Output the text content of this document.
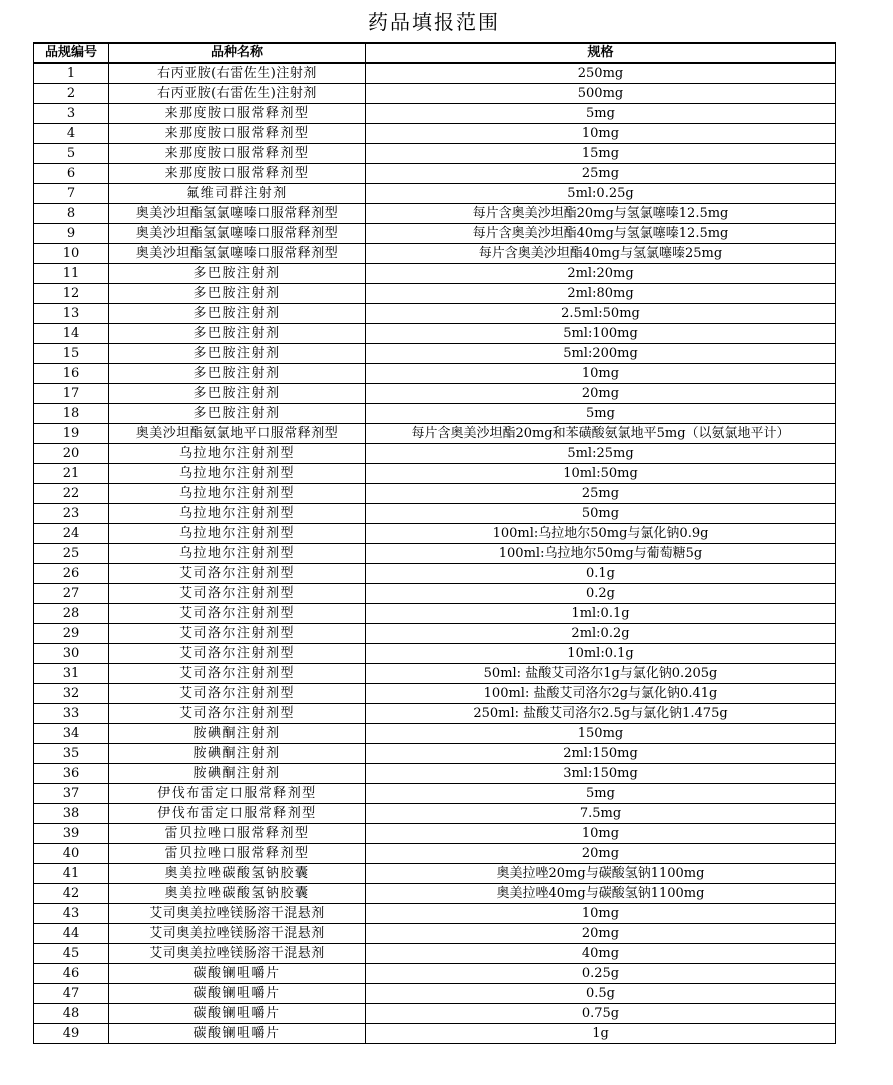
药品填报范围
品规编号	品种名称	规格
1	右丙亚胺(右雷佐生)注射剂	250mg
2	右丙亚胺(右雷佐生)注射剂	500mg
3	来那度胺口服常释剂型	5mg
4	来那度胺口服常释剂型	10mg
5	来那度胺口服常释剂型	15mg
6	来那度胺口服常释剂型	25mg
7	氟维司群注射剂	5ml:0.25g
8	奥美沙坦酯氢氯噻嗪口服常释剂型	每片含奥美沙坦酯20mg与氢氯噻嗪12.5mg
9	奥美沙坦酯氢氯噻嗪口服常释剂型	每片含奥美沙坦酯40mg与氢氯噻嗪12.5mg
10	奥美沙坦酯氢氯噻嗪口服常释剂型	每片含奥美沙坦酯40mg与氢氯噻嗪25mg
11	多巴胺注射剂	2ml:20mg
12	多巴胺注射剂	2ml:80mg
13	多巴胺注射剂	2.5ml:50mg
14	多巴胺注射剂	5ml:100mg
15	多巴胺注射剂	5ml:200mg
16	多巴胺注射剂	10mg
17	多巴胺注射剂	20mg
18	多巴胺注射剂	5mg
19	奥美沙坦酯氨氯地平口服常释剂型	每片含奥美沙坦酯20mg和苯磺酸氨氯地平5mg（以氨氯地平计）
20	乌拉地尔注射剂型	5ml:25mg
21	乌拉地尔注射剂型	10ml:50mg
22	乌拉地尔注射剂型	25mg
23	乌拉地尔注射剂型	50mg
24	乌拉地尔注射剂型	100ml:乌拉地尔50mg与氯化钠0.9g
25	乌拉地尔注射剂型	100ml:乌拉地尔50mg与葡萄糖5g
26	艾司洛尔注射剂型	0.1g
27	艾司洛尔注射剂型	0.2g
28	艾司洛尔注射剂型	1ml:0.1g
29	艾司洛尔注射剂型	2ml:0.2g
30	艾司洛尔注射剂型	10ml:0.1g
31	艾司洛尔注射剂型	50ml: 盐酸艾司洛尔1g与氯化钠0.205g
32	艾司洛尔注射剂型	100ml: 盐酸艾司洛尔2g与氯化钠0.41g
33	艾司洛尔注射剂型	250ml: 盐酸艾司洛尔2.5g与氯化钠1.475g
34	胺碘酮注射剂	150mg
35	胺碘酮注射剂	2ml:150mg
36	胺碘酮注射剂	3ml:150mg
37	伊伐布雷定口服常释剂型	5mg
38	伊伐布雷定口服常释剂型	7.5mg
39	雷贝拉唑口服常释剂型	10mg
40	雷贝拉唑口服常释剂型	20mg
41	奥美拉唑碳酸氢钠胶囊	奥美拉唑20mg与碳酸氢钠1100mg
42	奥美拉唑碳酸氢钠胶囊	奥美拉唑40mg与碳酸氢钠1100mg
43	艾司奥美拉唑镁肠溶干混悬剂	10mg
44	艾司奥美拉唑镁肠溶干混悬剂	20mg
45	艾司奥美拉唑镁肠溶干混悬剂	40mg
46	碳酸镧咀嚼片	0.25g
47	碳酸镧咀嚼片	0.5g
48	碳酸镧咀嚼片	0.75g
49	碳酸镧咀嚼片	1g
